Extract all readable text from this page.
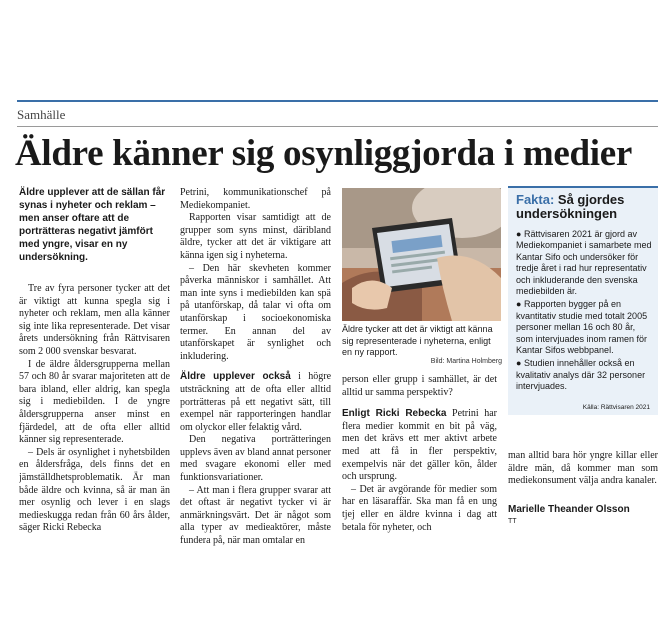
Samhälle
Äldre känner sig osynliggjorda i medier
Äldre upplever att de sällan får synas i nyheter och reklam – men anser oftare att de porträtteras negativt jämfört med yngre, visar en ny undersökning.

Tre av fyra personer tycker att det är viktigt att kunna spegla sig i nyheter och reklam, men alla känner sig inte lika representerade. Det visar årets undersökning från Rättvisaren som 2 000 svenskar besvarat.

I de äldre åldersgrupperna mellan 57 och 80 år svarar majoriteten att de bara ibland, eller aldrig, kan spegla sig i mediebilden. I de yngre åldersgrupperna anser minst en fjärdedel, att de ofta eller alltid känner sig representerade.

– Dels är osynlighet i nyhetsbilden en åldersfråga, dels finns det en jämställdhetsproblematik. Är man både äldre och kvinna, så är man än mer osynlig och lever i en slags medieskugga redan från 60 års ålder, säger Ricki Rebecka

Petrini, kommunikationschef på Mediekompaniet.

Rapporten visar samtidigt att de grupper som syns minst, däribland äldre, tycker att det är viktigare att känna igen sig i nyheterna.

– Den här skevheten kommer påverka människor i samhället. Att man inte syns i mediebilden kan spä på utanförskap, då talar vi ofta om utanförskap i socioekonomiska termer. En annan del av utanförskapet är synlighet och inkludering.

Äldre upplever också i högre utsträckning att de ofta eller alltid porträtteras på ett negativt sätt, till exempel när rapporteringen handlar om olyckor eller felaktig vård.

Den negativa porträtteringen upplevs även av bland annat personer med svagare ekonomi eller med funktionsvariationer.

– Att man i flera grupper svarar att det oftast är negativt tycker vi är anmärkningsvärt. Det är något som alla typer av medieaktörer, måste fundera på, när man omtalar en

Äldre tycker att det är viktigt att känna sig representerade i nyheterna, enligt en ny rapport.
Bild: Martina Holmberg

person eller grupp i samhället, är det alltid ur samma perspektiv?

Enligt Ricki Rebecka Petrini har flera medier kommit en bit på väg, men det krävs ett mer aktivt arbete med att få in fler perspektiv, exempelvis när det gäller kön, ålder och ursprung.

– Det är avgörande för medier som har en läsaraffär. Ska man få en ung tjej eller en äldre kvinna i dag att betala för nyheter, och

Fakta: Så gjordes undersökningen
● Rättvisaren 2021 är gjord av Mediekompaniet i samarbete med Kantar Sifo och undersöker för tredje året i rad hur representativ och inkluderande den svenska mediebilden är.
● Rapporten bygger på en kvantitativ studie med totalt 2005 personer mellan 16 och 80 år, som intervjuades inom ramen för Kantar Sifos webbpanel.
● Studien innehåller också en kvalitativ analys där 32 personer intervjuades.
Källa: Rättvisaren 2021

man alltid bara hör yngre killar eller äldre män, då kommer man som mediekonsument välja andra kanaler.

Marielle Theander Olsson
TT
